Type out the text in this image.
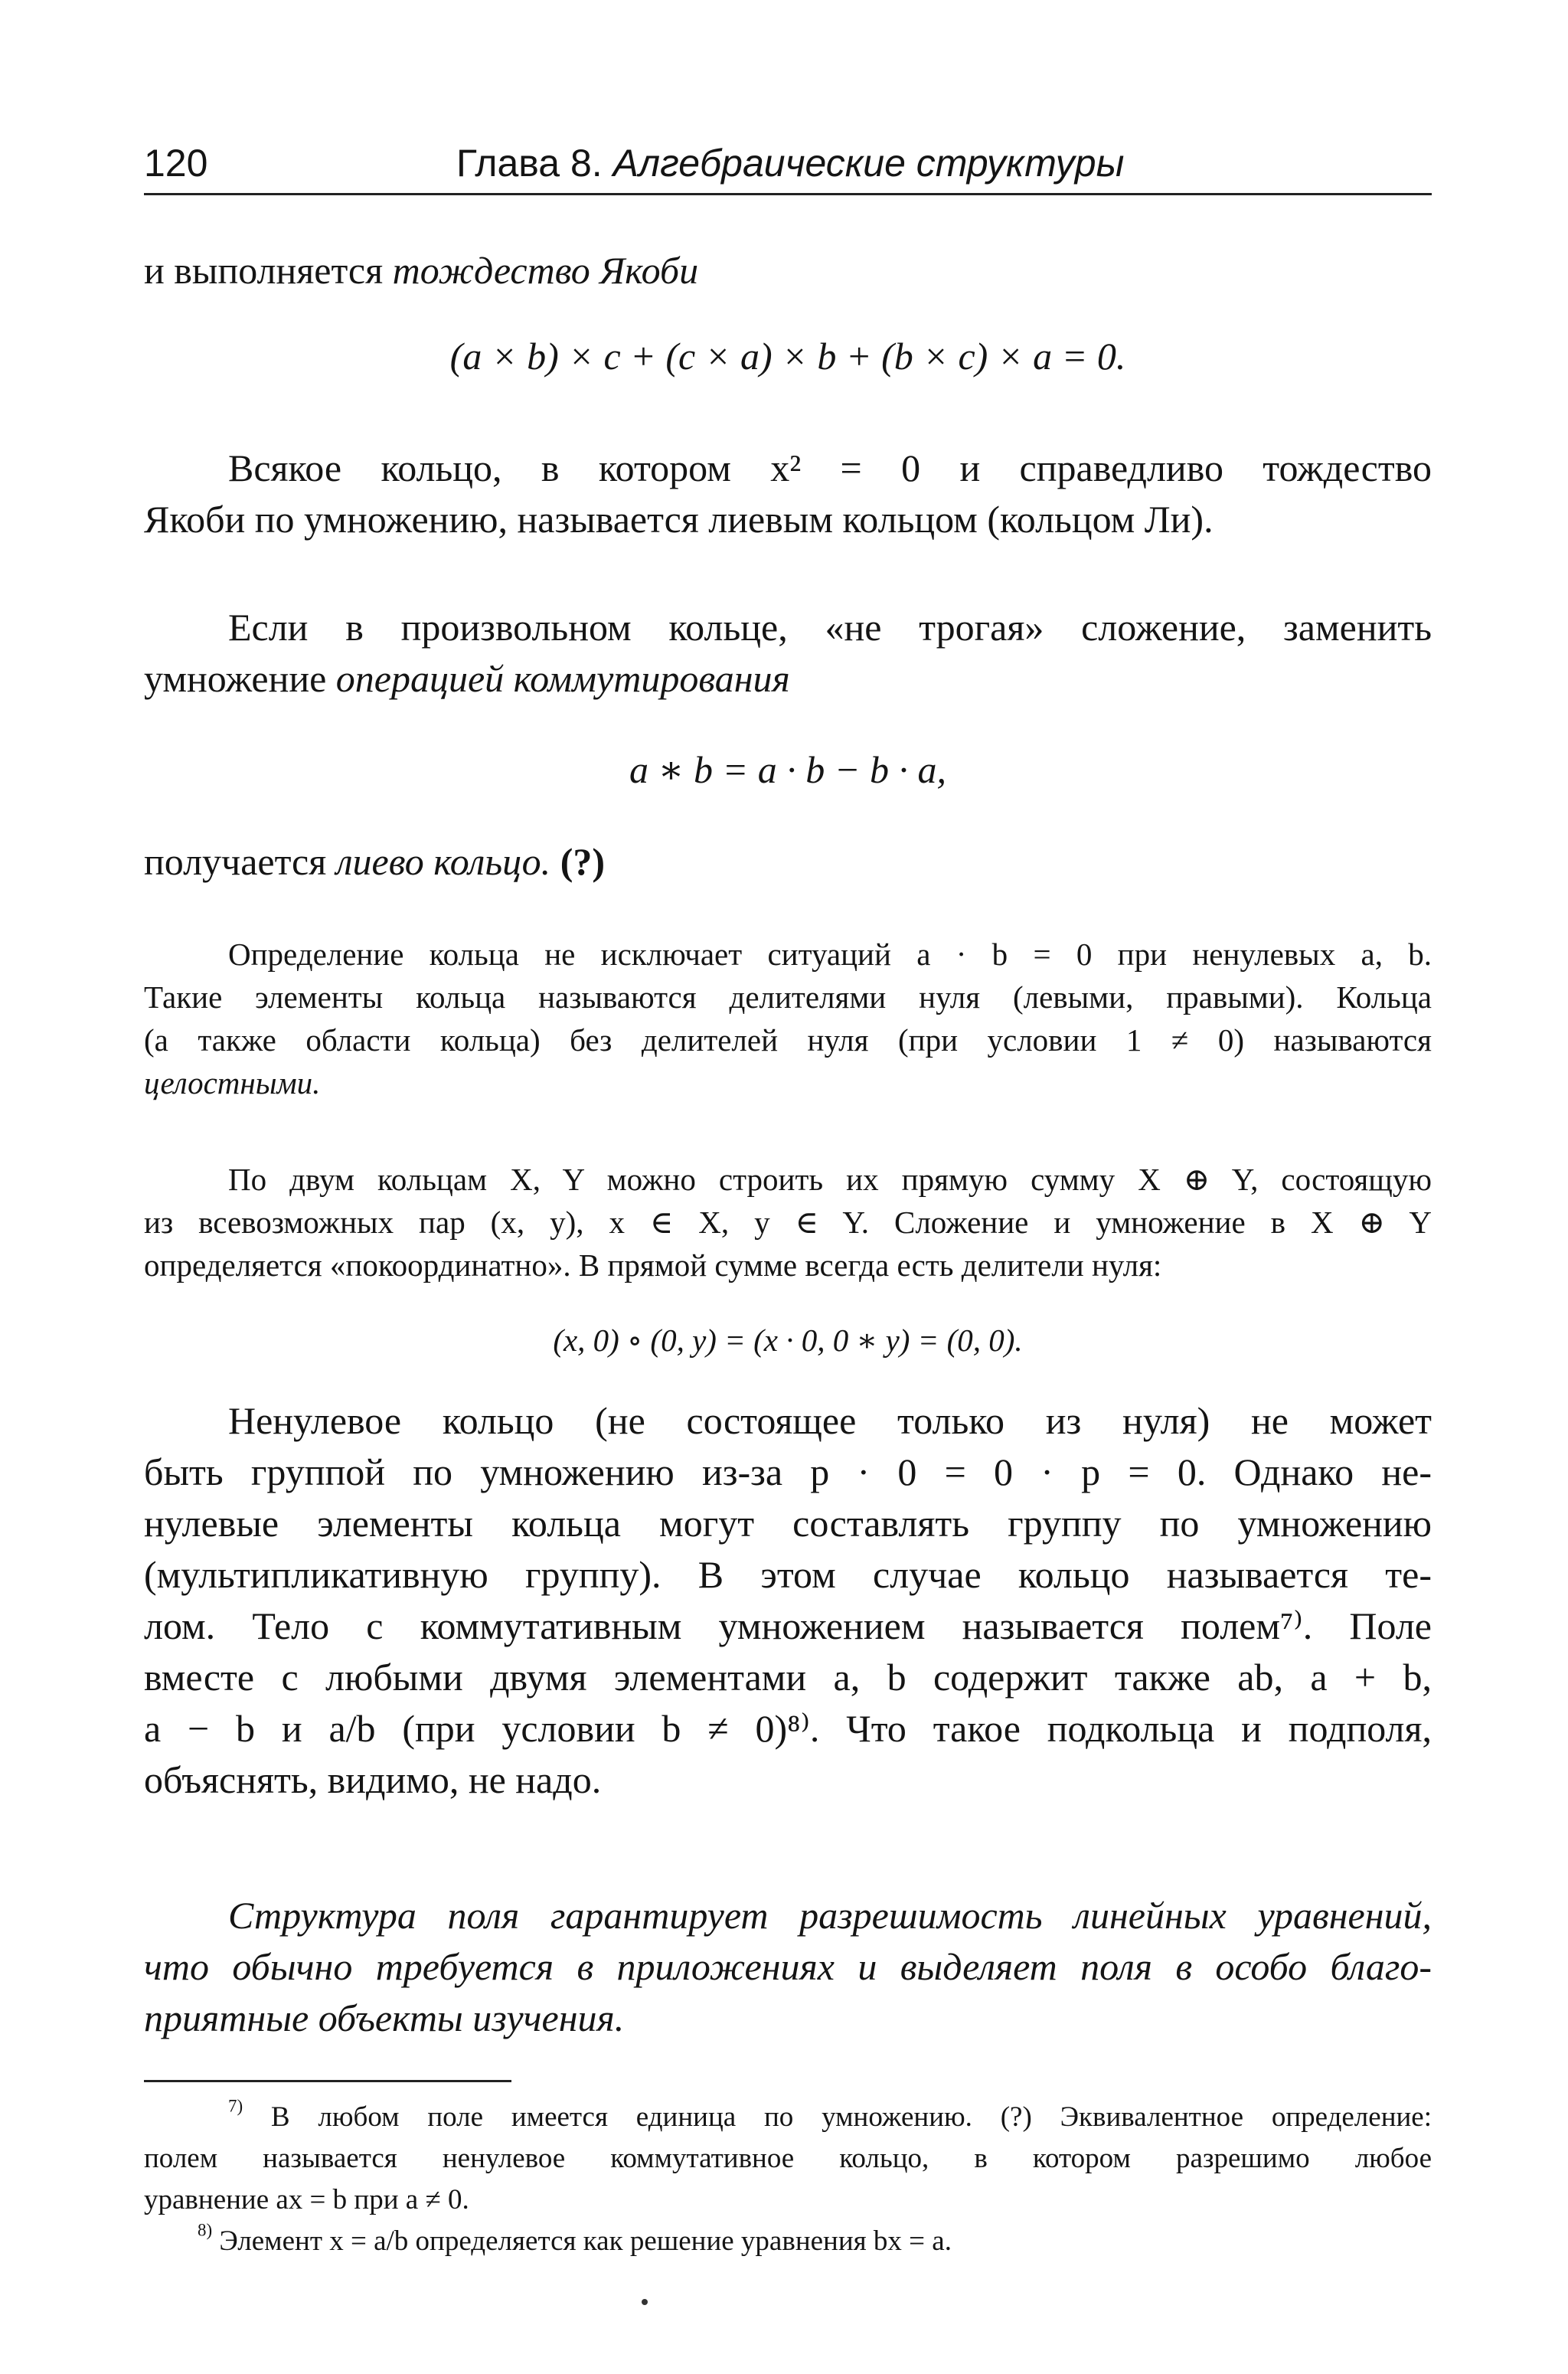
120	Глава 8. Алгебраические структуры
и выполняется тождество Якоби
(a × b) × c + (c × a) × b + (b × c) × a = 0.
Всякое кольцо, в котором x² = 0 и справедливо тождество
Якоби по умножению, называется лиевым кольцом (кольцом Ли).
Если в произвольном кольце, «не трогая» сложение, заменить
умножение операцией коммутирования
a ∗ b = a · b − b · a,
получается лиево кольцо. (?)
Определение кольца не исключает ситуаций a · b = 0 при ненулевых a, b.
Такие элементы кольца называются делителями нуля (левыми, правыми). Кольца
(а также области кольца) без делителей нуля (при условии 1 ≠ 0) называются
целостными.
По двум кольцам X, Y можно строить их прямую сумму X ⊕ Y, состоящую
из всевозможных пар (x, y), x ∈ X, y ∈ Y. Сложение и умножение в X ⊕ Y
определяется «покоординатно». В прямой сумме всегда есть делители нуля:
(x, 0) ∘ (0, y) = (x · 0, 0 ∗ y) = (0, 0).
Ненулевое кольцо (не состоящее только из нуля) не может
быть группой по умножению из-за p · 0 = 0 · p = 0. Однако не-
нулевые элементы кольца могут составлять группу по умножению
(мультипликативную группу). В этом случае кольцо называется те-
лом. Тело с коммутативным умножением называется полем⁷⁾. Поле
вместе с любыми двумя элементами a, b содержит также ab, a + b,
a − b и a/b (при условии b ≠ 0)⁸⁾. Что такое подкольца и подполя,
объяснять, видимо, не надо.
Структура поля гарантирует разрешимость линейных уравнений,
что обычно требуется в приложениях и выделяет поля в особо благо-
приятные объекты изучения.
$^{7)}$ В любом поле имеется единица по умножению. (?) Эквивалентное определение:
полем называется ненулевое коммутативное кольцо, в котором разрешимо любое
уравнение ax = b при a ≠ 0.
$^{8)}$ Элемент x = a/b определяется как решение уравнения bx = a.
